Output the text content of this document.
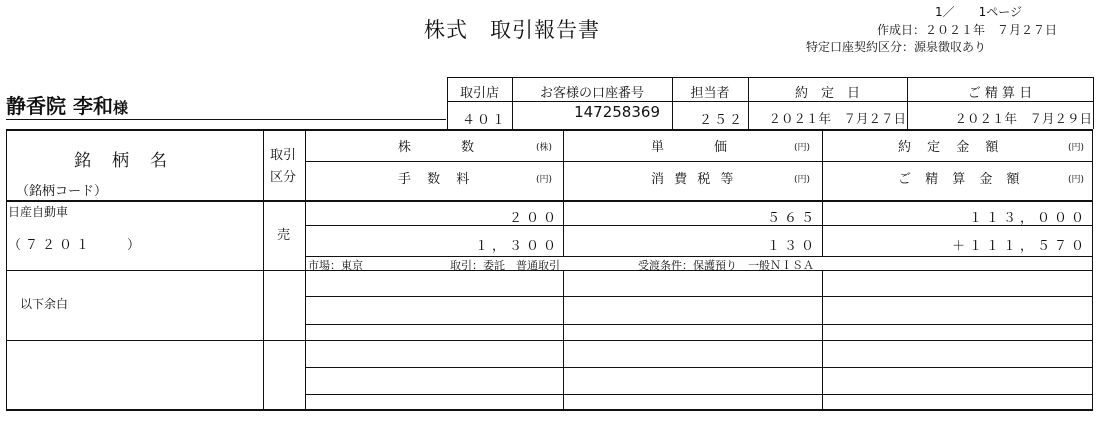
1／　　1ページ
株式　取引報告書	作成日：２０２１年　７月２７日
特定口座契約区分：源泉徴収あり
静香院 李和様
取引店	お客様の口座番号	担当者	約　定　日	ご 精 算 日
４０１	147258369	２５２	２０２１年　７月２７日	２０２１年　７月２９日
銘　柄　名
（銘柄コード）
取引
区分
株　　数	(株)	単　　価	(円)	約 定 金 額	(円)
手 数 料	(円)	消 費 税 等	(円)	ご 精 算 金 額	(円)
日産自動車
（７２０１　　）
売
２００	５６５	１１３，０００
１，３００	１３０	＋１１１，５７０
市場：東京	取引：委託　普通取引	受渡条件：保護預り　一般ＮＩＳＡ
以下余白
